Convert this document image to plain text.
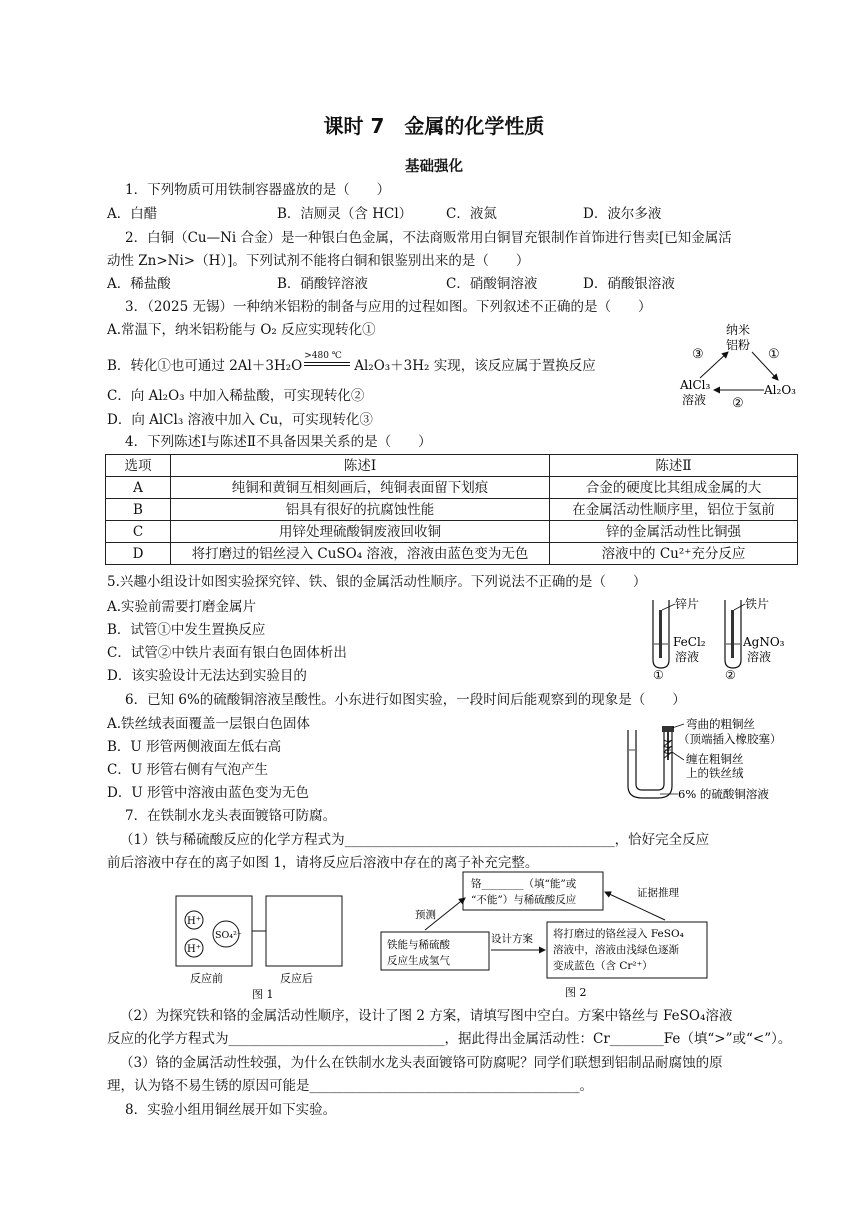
课时 7　金属的化学性质
基础强化
1．下列物质可用铁制容器盛放的是（　　）
A．白醋	B．洁厕灵（含 HCl）	C．液氮	D．波尔多液
2．白铜（Cu—Ni 合金）是一种银白色金属，不法商贩常用白铜冒充银制作首饰进行售卖[已知金属活
动性 Zn>Ni>（H）]。下列试剂不能将白铜和银鉴别出来的是（　　）
A．稀盐酸	B．硝酸锌溶液	C．硝酸铜溶液	D．硝酸银溶液
3．（2025 无锡）一种纳米铝粉的制备与应用的过程如图。下列叙述不正确的是（　　）
A.常温下，纳米铝粉能与 O₂ 反应实现转化①
B．转化①也可通过 2Al＋3H₂O
>480 ℃
Al₂O₃＋3H₂ 实现，该反应属于置换反应
C．向 Al₂O₃ 中加入稀盐酸，可实现转化②
D．向 AlCl₃ 溶液中加入 Cu，可实现转化③
纳米
铝粉
③	①
②
AlCl₃
溶液
Al₂O₃
4．下列陈述Ⅰ与陈述Ⅱ不具备因果关系的是（　　）
选项	陈述Ⅰ	陈述Ⅱ
A	纯铜和黄铜互相刻画后，纯铜表面留下划痕	合金的硬度比其组成金属的大
B	铝具有很好的抗腐蚀性能	在金属活动性顺序里，铝位于氢前
C	用锌处理硫酸铜废液回收铜	锌的金属活动性比铜强
D	将打磨过的铝丝浸入 CuSO₄ 溶液，溶液由蓝色变为无色	溶液中的 Cu²⁺充分反应
5.兴趣小组设计如图实验探究锌、铁、银的金属活动性顺序。下列说法不正确的是（　　）
A.实验前需要打磨金属片
B．试管①中发生置换反应
C．试管②中铁片表面有银白色固体析出
D．该实验设计无法达到实验目的
锌片
FeCl₂
溶液
①
铁片
AgNO₃
溶液
②
6．已知 6%的硫酸铜溶液呈酸性。小东进行如图实验，一段时间后能观察到的现象是（　　）
A.铁丝绒表面覆盖一层银白色固体
B．U 形管两侧液面左低右高
C．U 形管右侧有气泡产生
D．U 形管中溶液由蓝色变为无色
弯曲的粗铜丝
（顶端插入橡胶塞）
缠在粗铜丝
上的铁丝绒
6% 的硫酸铜溶液
7．在铁制水龙头表面镀铬可防腐。
（1）铁与稀硫酸反应的化学方程式为________________________________________，恰好完全反应
前后溶液中存在的离子如图 1，请将反应后溶液中存在的离子补充完整。
H⁺
SO₄²⁻
H⁺
反应前	反应后
图 1
铬________（填“能”或
“不能”）与稀硫酸反应
铁能与稀硫酸
反应生成氢气
将打磨过的铬丝浸入 FeSO₄
溶液中，溶液由浅绿色逐渐
变成蓝色（含 Cr²⁺）
预测
设计方案
证据推理
图 2
（2）为探究铁和铬的金属活动性顺序，设计了图 2 方案，请填写图中空白。方案中铬丝与 FeSO₄溶液
反应的化学方程式为________________________________，据此得出金属活动性：Cr________Fe（填“>”或“<”）。
（3）铬的金属活动性较强，为什么在铁制水龙头表面镀铬可防腐呢？同学们联想到铝制品耐腐蚀的原
理，认为铬不易生锈的原因可能是________________________________________。
8．实验小组用铜丝展开如下实验。
